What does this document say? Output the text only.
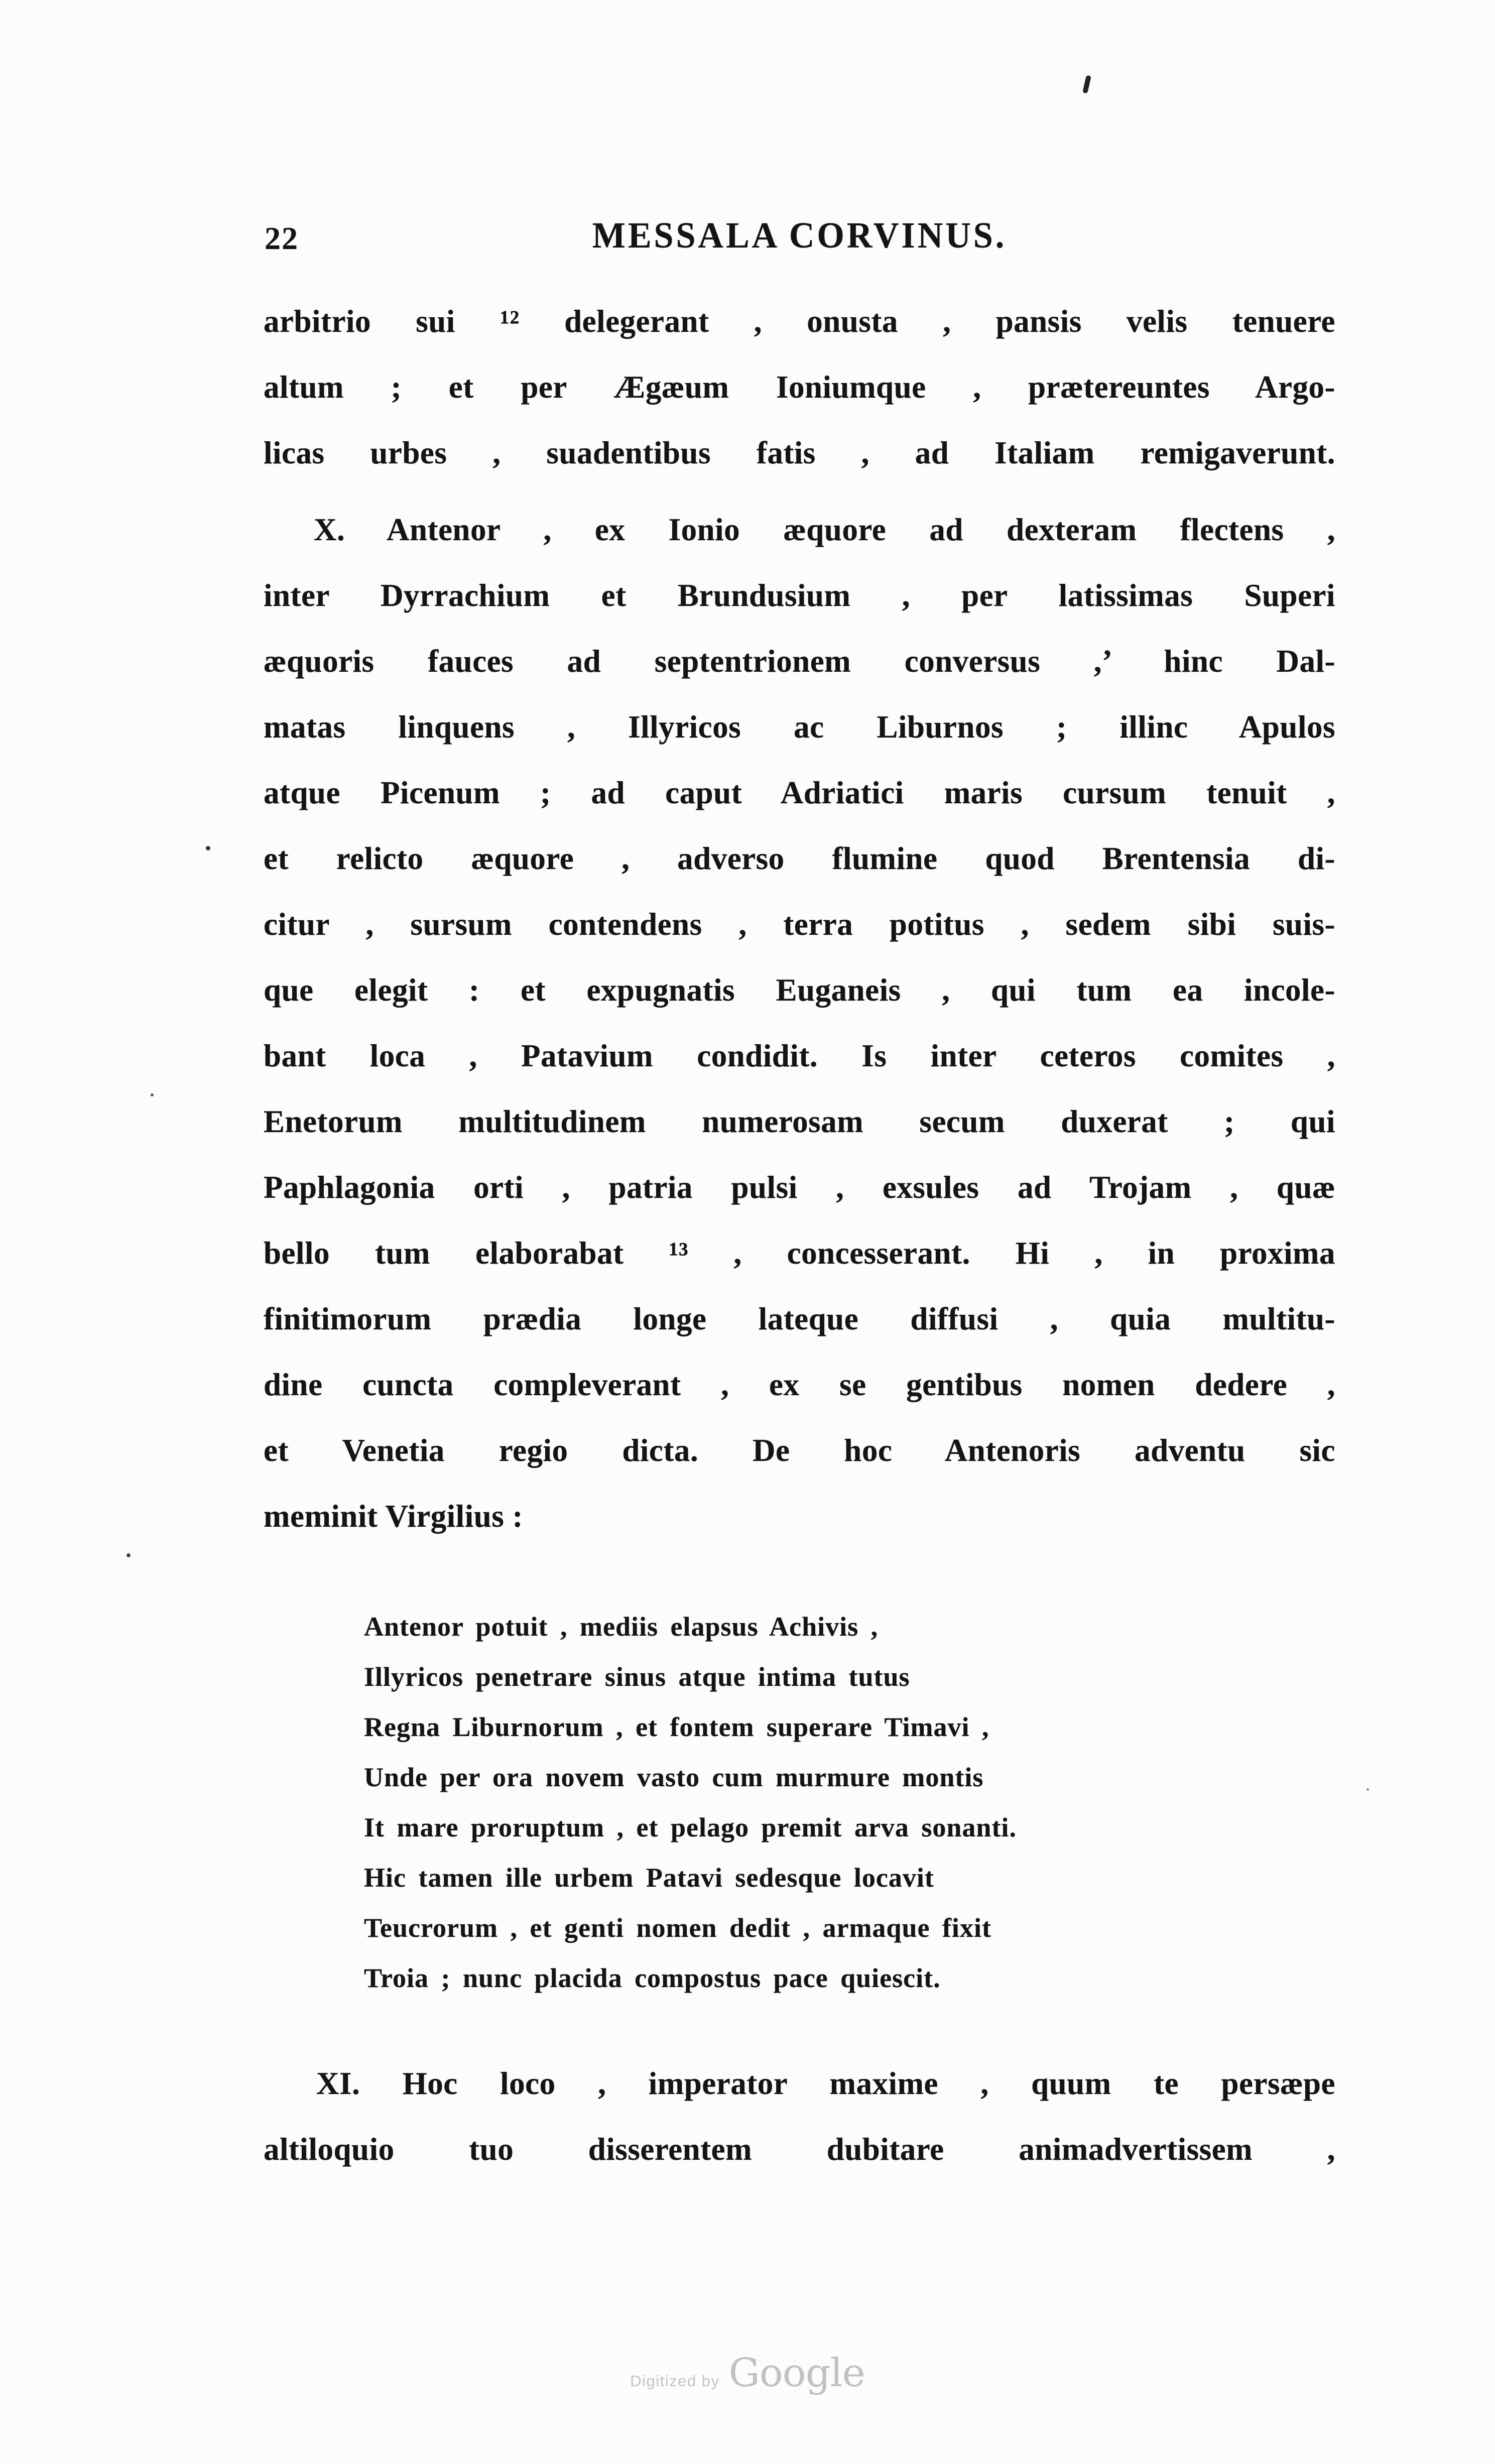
22	MESSALA CORVINUS.
arbitrio sui ¹² delegerant , onusta , pansis velis tenuere
altum ; et per Ægæum Ioniumque , prætereuntes Argo-
licas urbes , suadentibus fatis , ad Italiam remigaverunt.
X. Antenor , ex Ionio æquore ad dexteram flectens ,
inter Dyrrachium et Brundusium , per latissimas Superi
æquoris fauces ad septentrionem conversus ,’ hinc Dal-
matas linquens , Illyricos ac Liburnos ; illinc Apulos
atque Picenum ; ad caput Adriatici maris cursum tenuit ,
et relicto æquore , adverso flumine quod Brentensia di-
citur , sursum contendens , terra potitus , sedem sibi suis-
que elegit : et expugnatis Euganeis , qui tum ea incole-
bant loca , Patavium condidit. Is inter ceteros comites ,
Enetorum multitudinem numerosam secum duxerat ; qui
Paphlagonia orti , patria pulsi , exsules ad Trojam , quæ
bello tum elaborabat ¹³ , concesserant. Hi , in proxima
finitimorum prædia longe lateque diffusi , quia multitu-
dine cuncta compleverant , ex se gentibus nomen dedere ,
et Venetia regio dicta. De hoc Antenoris adventu sic
meminit Virgilius :
Antenor potuit , mediis elapsus Achivis ,
Illyricos penetrare sinus atque intima tutus
Regna Liburnorum , et fontem superare Timavi ,
Unde per ora novem vasto cum murmure montis
It mare proruptum , et pelago premit arva sonanti.
Hic tamen ille urbem Patavi sedesque locavit
Teucrorum , et genti nomen dedit , armaque fixit
Troia ; nunc placida compostus pace quiescit.
XI. Hoc loco , imperator maxime , quum te persæpe
altiloquio tuo disserentem dubitare animadvertissem ,
Digitized by Google
